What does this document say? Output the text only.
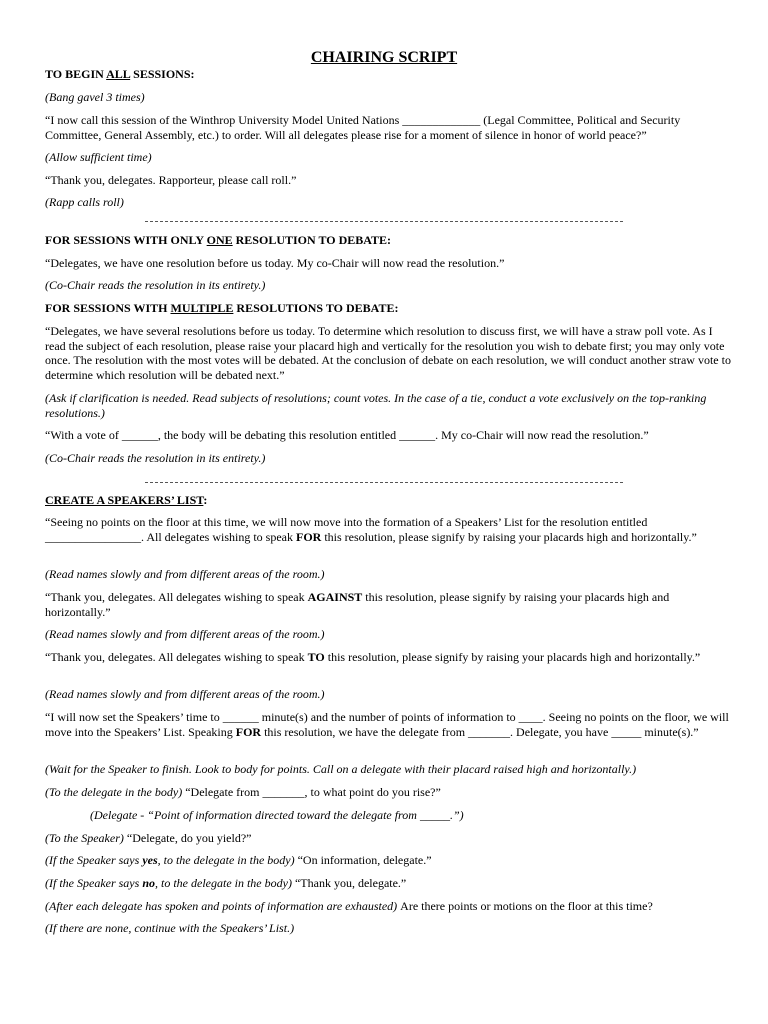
CHAIRING SCRIPT

TO BEGIN ALL SESSIONS:

(Bang gavel 3 times)

“I now call this session of the Winthrop University Model United Nations _____________ (Legal Committee, Political and Security Committee, General Assembly, etc.) to order. Will all delegates please rise for a moment of silence in honor of world peace?”

(Allow sufficient time)

“Thank you, delegates. Rapporteur, please call roll.”

(Rapp calls roll)

FOR SESSIONS WITH ONLY ONE RESOLUTION TO DEBATE:

“Delegates, we have one resolution before us today. My co-Chair will now read the resolution.”

(Co-Chair reads the resolution in its entirety.)

FOR SESSIONS WITH MULTIPLE RESOLUTIONS TO DEBATE:

“Delegates, we have several resolutions before us today. To determine which resolution to discuss first, we will have a straw poll vote. As I read the subject of each resolution, please raise your placard high and vertically for the resolution you wish to debate first; you may only vote once. The resolution with the most votes will be debated. At the conclusion of debate on each resolution, we will conduct another straw vote to determine which resolution will be debated next.”

(Ask if clarification is needed. Read subjects of resolutions; count votes. In the case of a tie, conduct a vote exclusively on the top-ranking resolutions.)

“With a vote of ______, the body will be debating this resolution entitled ______. My co-Chair will now read the resolution.”

(Co-Chair reads the resolution in its entirety.)

CREATE A SPEAKERS’ LIST:

“Seeing no points on the floor at this time, we will now move into the formation of a Speakers’ List for the resolution entitled ________________. All delegates wishing to speak FOR this resolution, please signify by raising your placards high and horizontally.”

(Read names slowly and from different areas of the room.)

“Thank you, delegates. All delegates wishing to speak AGAINST this resolution, please signify by raising your placards high and horizontally.”

(Read names slowly and from different areas of the room.)

“Thank you, delegates. All delegates wishing to speak TO this resolution, please signify by raising your placards high and horizontally.”

(Read names slowly and from different areas of the room.)

“I will now set the Speakers’ time to ______ minute(s) and the number of points of information to ____. Seeing no points on the floor, we will move into the Speakers’ List. Speaking FOR this resolution, we have the delegate from _______. Delegate, you have _____ minute(s).”

(Wait for the Speaker to finish. Look to body for points. Call on a delegate with their placard raised high and horizontally.)

(To the delegate in the body) “Delegate from _______, to what point do you rise?”

(Delegate - “Point of information directed toward the delegate from _____.”)

(To the Speaker) “Delegate, do you yield?”

(If the Speaker says yes, to the delegate in the body) “On information, delegate.”

(If the Speaker says no, to the delegate in the body) “Thank you, delegate.”

(After each delegate has spoken and points of information are exhausted) Are there points or motions on the floor at this time?

(If there are none, continue with the Speakers’ List.)
